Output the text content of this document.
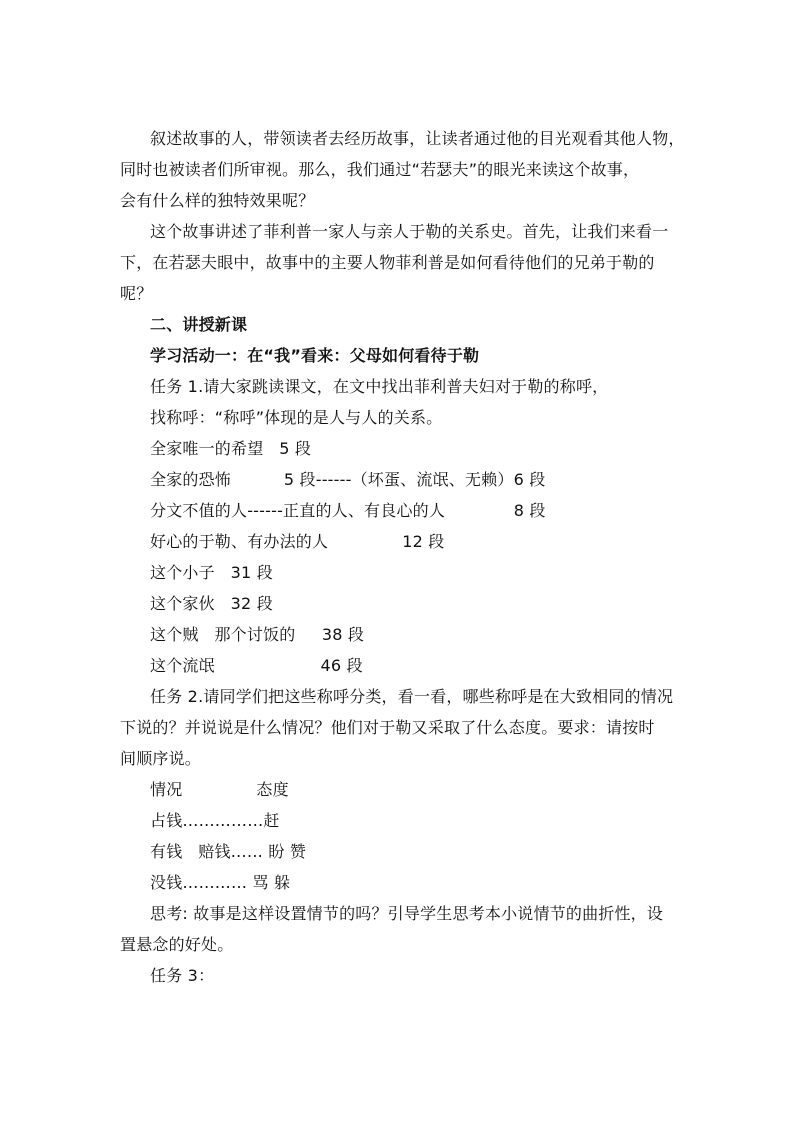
叙述故事的人，带领读者去经历故事，让读者通过他的目光观看其他人物，
同时也被读者们所审视。那么，我们通过“若瑟夫”的眼光来读这个故事，
会有什么样的独特效果呢？
这个故事讲述了菲利普一家人与亲人于勒的关系史。首先，让我们来看一
下，在若瑟夫眼中，故事中的主要人物菲利普是如何看待他们的兄弟于勒的
呢？
二、讲授新课
学习活动一：在“我”看来：父母如何看待于勒
任务 1.请大家跳读课文，在文中找出菲利普夫妇对于勒的称呼，
找称呼：“称呼”体现的是人与人的关系。
全家唯一的希望   5 段
全家的恐怖          5 段------（坏蛋、流氓、无赖）6 段
分文不值的人------正直的人、有良心的人             8 段
好心的于勒、有办法的人              12 段
这个小子   31 段
这个家伙   32 段
这个贼   那个讨饭的     38 段
这个流氓                    46 段
任务 2.请同学们把这些称呼分类，看一看，哪些称呼是在大致相同的情况
下说的？并说说是什么情况？他们对于勒又采取了什么态度。要求：请按时
间顺序说。
情况              态度
占钱……………赶
有钱   赔钱…… 盼 赞
没钱………… 骂 躲
思考: 故事是这样设置情节的吗？引导学生思考本小说情节的曲折性，设
置悬念的好处。
任务 3：
